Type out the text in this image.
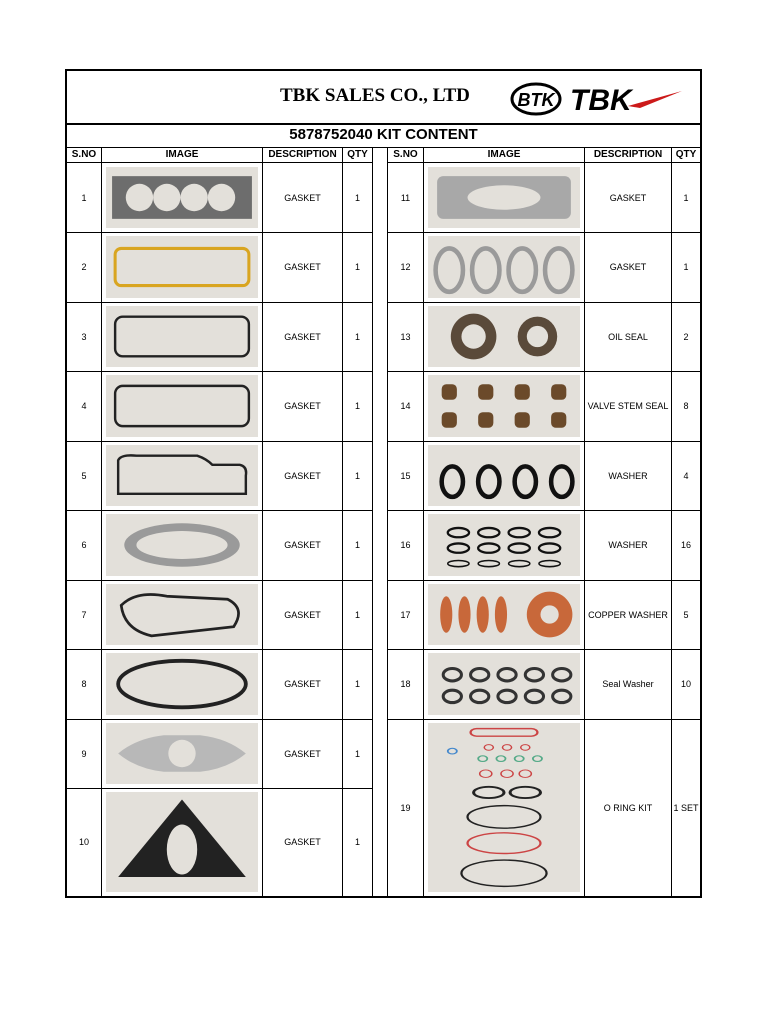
TBK SALES CO., LTD	BTK TBK
5878752040 KIT CONTENT
S.NO	IMAGE	DESCRIPTION	QTY	S.NO	IMAGE	DESCRIPTION	QTY
1	GASKET	1
2	GASKET	1
3	GASKET	1
4	GASKET	1
5	GASKET	1
6	GASKET	1
7	GASKET	1
8	GASKET	1
9	GASKET	1
10	GASKET	1
11	GASKET	1
12	GASKET	1
13	OIL SEAL	2
14	VALVE STEM SEAL	8
15	WASHER	4
16	WASHER	16
17	COPPER WASHER	5
18	Seal Washer	10
19	O RING KIT	1 SET
